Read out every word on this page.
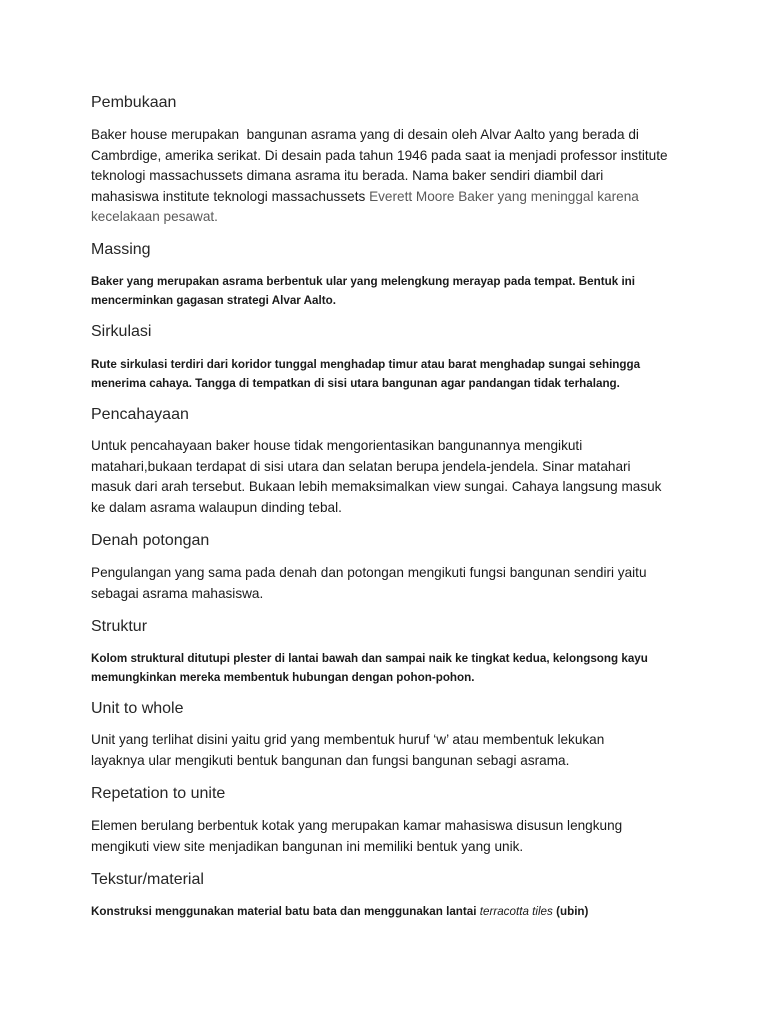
Pembukaan
Baker house merupakan  bangunan asrama yang di desain oleh Alvar Aalto yang berada di
Cambrdige, amerika serikat. Di desain pada tahun 1946 pada saat ia menjadi professor institute
teknologi massachussets dimana asrama itu berada. Nama baker sendiri diambil dari
mahasiswa institute teknologi massachussets Everett Moore Baker yang meninggal karena
kecelakaan pesawat.
Massing
Baker yang merupakan asrama berbentuk ular yang melengkung merayap pada tempat. Bentuk ini
mencerminkan gagasan strategi Alvar Aalto.
Sirkulasi
Rute sirkulasi terdiri dari koridor tunggal menghadap timur atau barat menghadap sungai sehingga
menerima cahaya. Tangga di tempatkan di sisi utara bangunan agar pandangan tidak terhalang.
Pencahayaan
Untuk pencahayaan baker house tidak mengorientasikan bangunannya mengikuti
matahari,bukaan terdapat di sisi utara dan selatan berupa jendela-jendela. Sinar matahari
masuk dari arah tersebut. Bukaan lebih memaksimalkan view sungai. Cahaya langsung masuk
ke dalam asrama walaupun dinding tebal.
Denah potongan
Pengulangan yang sama pada denah dan potongan mengikuti fungsi bangunan sendiri yaitu
sebagai asrama mahasiswa.
Struktur
Kolom struktural ditutupi plester di lantai bawah dan sampai naik ke tingkat kedua, kelongsong kayu
memungkinkan mereka membentuk hubungan dengan pohon-pohon.
Unit to whole
Unit yang terlihat disini yaitu grid yang membentuk huruf ‘w’ atau membentuk lekukan
layaknya ular mengikuti bentuk bangunan dan fungsi bangunan sebagi asrama.
Repetation to unite
Elemen berulang berbentuk kotak yang merupakan kamar mahasiswa disusun lengkung
mengikuti view site menjadikan bangunan ini memiliki bentuk yang unik.
Tekstur/material
Konstruksi menggunakan material batu bata dan menggunakan lantai terracotta tiles (ubin)
